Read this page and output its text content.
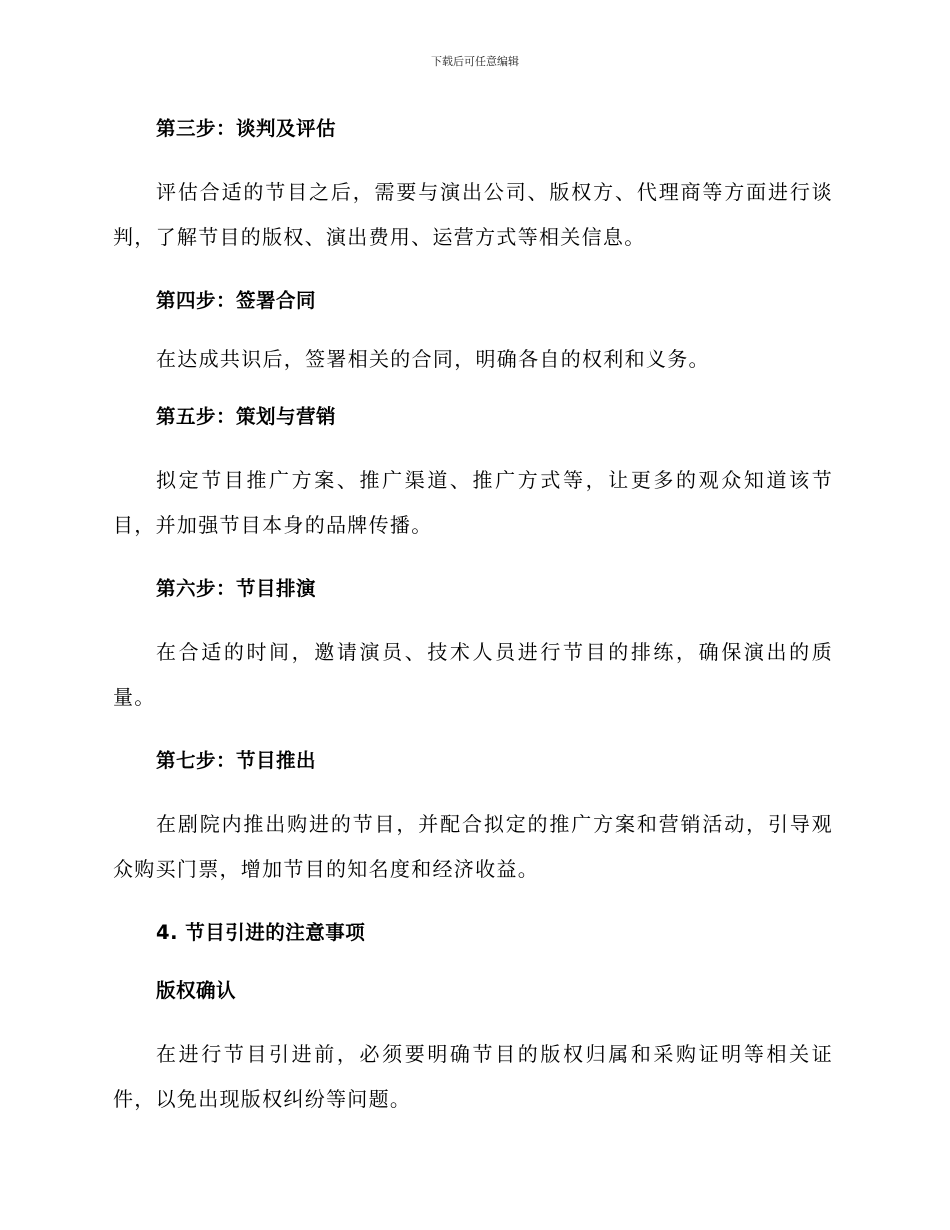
下载后可任意编辑
第三步：谈判及评估
评估合适的节目之后，需要与演出公司、版权方、代理商等方面进行谈判，了解节目的版权、演出费用、运营方式等相关信息。
第四步：签署合同
在达成共识后，签署相关的合同，明确各自的权利和义务。
第五步：策划与营销
拟定节目推广方案、推广渠道、推广方式等，让更多的观众知道该节目，并加强节目本身的品牌传播。
第六步：节目排演
在合适的时间，邀请演员、技术人员进行节目的排练，确保演出的质量。
第七步：节目推出
在剧院内推出购进的节目，并配合拟定的推广方案和营销活动，引导观众购买门票，增加节目的知名度和经济收益。
4. 节目引进的注意事项
版权确认
在进行节目引进前，必须要明确节目的版权归属和采购证明等相关证件，以免出现版权纠纷等问题。
